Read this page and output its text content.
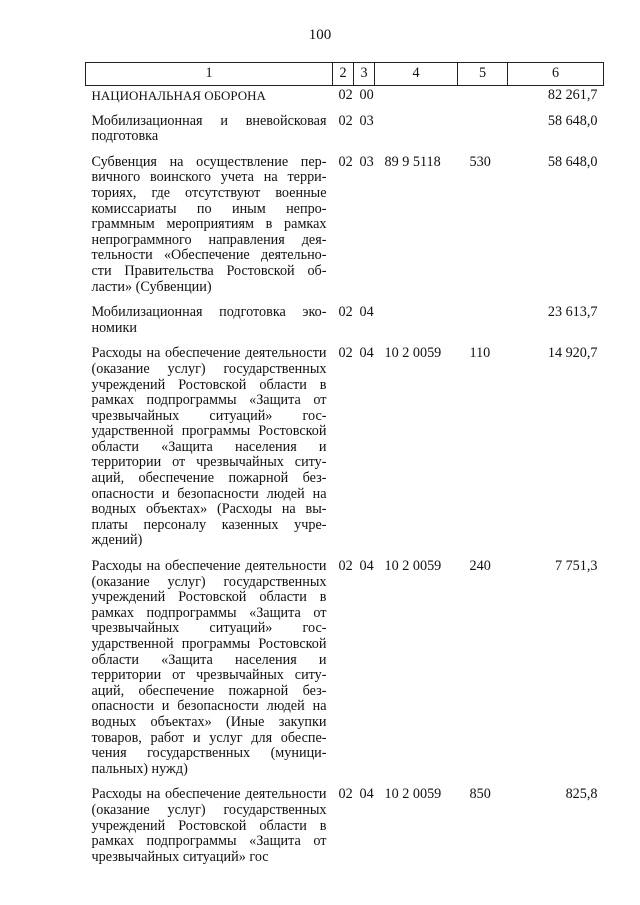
100
1	2	3	4	5	6
НАЦИОНАЛЬНАЯ ОБОРОНА	02	00			82 261,7
Мобилизационная и вневойсковая подготовка	02	03			58 648,0
Субвенция на осуществление первичного воинского учета на территориях, где отсутствуют военные комиссариаты по иным непрограммным мероприятиям в рамках непрограммного направления деятельности «Обеспечение деятельности Правительства Ростовской области» (Субвенции)	02	03	89 9 5118	530	58 648,0
Мобилизационная подготовка экономики	02	04			23 613,7
Расходы на обеспечение деятельности (оказание услуг) государственных учреждений Ростовской области в рамках подпрограммы «Защита от чрезвычайных ситуаций» государственной программы Ростовской области «Защита населения и территории от чрезвычайных ситуаций, обеспечение пожарной безопасности и безопасности людей на водных объектах» (Расходы на выплаты персоналу казенных учреждений)	02	04	10 2 0059	110	14 920,7
Расходы на обеспечение деятельности (оказание услуг) государственных учреждений Ростовской области в рамках подпрограммы «Защита от чрезвычайных ситуаций» государственной программы Ростовской области «Защита населения и территории от чрезвычайных ситуаций, обеспечение пожарной безопасности и безопасности людей на водных объектах» (Иные закупки товаров, работ и услуг для обеспечения государственных (муниципальных) нужд)	02	04	10 2 0059	240	7 751,3
Расходы на обеспечение деятельности (оказание услуг) государственных учреждений Ростовской области в рамках подпрограммы «Защита от чрезвычайных ситуаций» гос	02	04	10 2 0059	850	825,8
